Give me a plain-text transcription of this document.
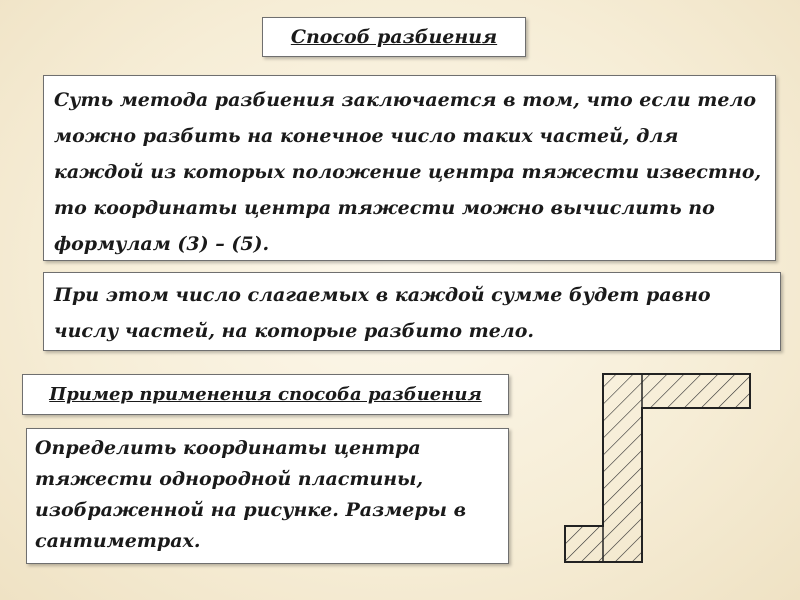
Способ разбиения
Суть метода разбиения заключается в том, что если тело можно разбить на конечное число таких частей, для каждой из которых положение центра тяжести известно, то координаты центра тяжести можно вычислить по формулам (3) – (5).
При этом число слагаемых в каждой сумме будет равно числу частей, на которые разбито тело.
Пример применения способа разбиения
Определить координаты центра тяжести однородной пластины, изображенной на рисунке. Размеры в сантиметрах.
